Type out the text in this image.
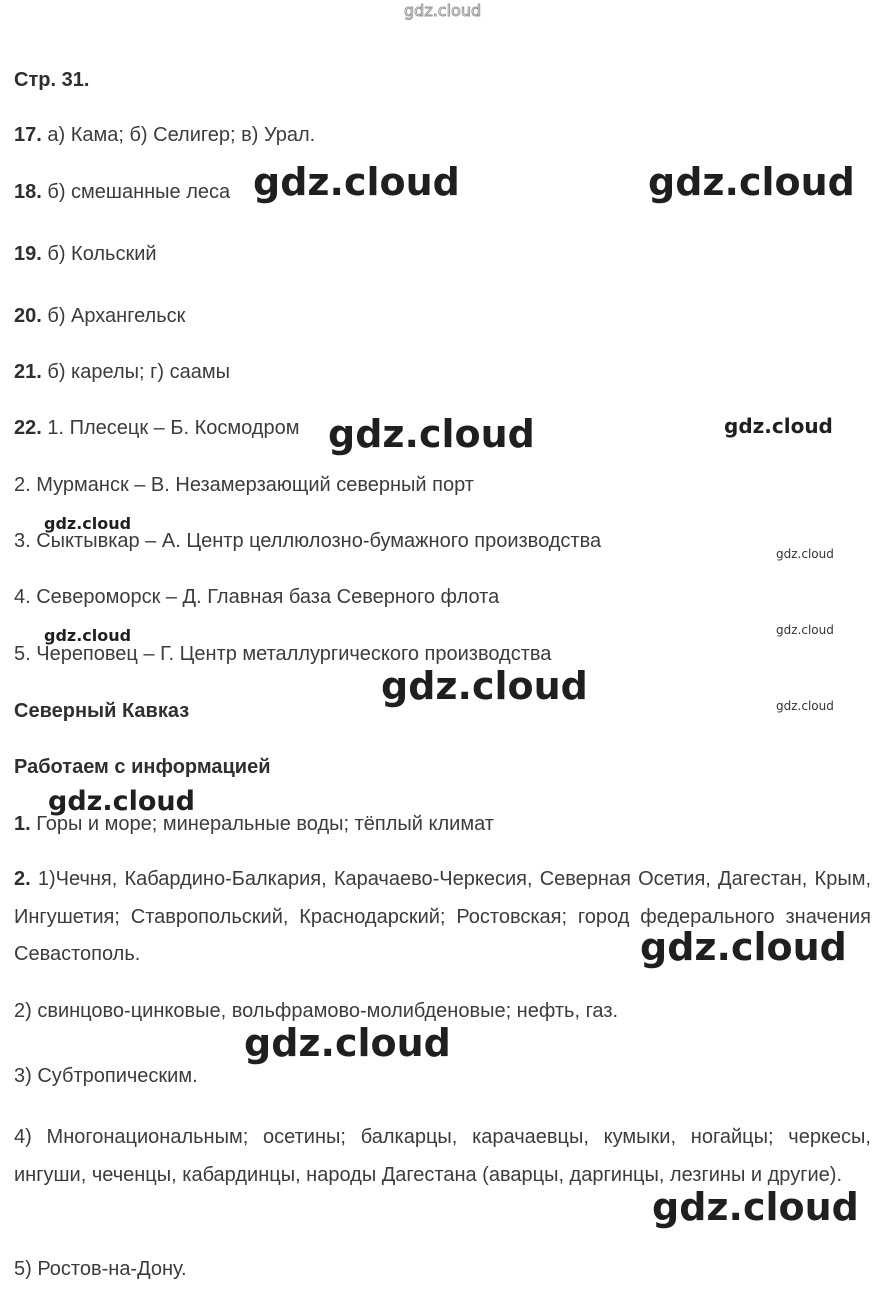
gdz.cloud
Стр. 31.
17. а) Кама; б) Селигер; в) Урал.
18. б) смешанные леса
19. б) Кольский
20. б) Архангельск
21. б) карелы; г) саамы
22. 1. Плесецк – Б. Космодром
2. Мурманск – В. Незамерзающий северный порт
3. Сыктывкар – А. Центр целлюлозно-бумажного производства
4. Североморск – Д. Главная база Северного флота
5. Череповец – Г. Центр металлургического производства
Северный Кавказ
Работаем с информацией
1. Горы и море; минеральные воды; тёплый климат
2. 1)Чечня, Кабардино-Балкария, Карачаево-Черкесия, Северная Осетия, Дагестан, Крым, Ингушетия; Ставропольский, Краснодарский; Ростовская; город федерального значения Севастополь.
2) свинцово-цинковые, вольфрамово-молибденовые; нефть, газ.
3) Субтропическим.
4) Многонациональным; осетины; балкарцы, карачаевцы, кумыки, ногайцы; черкесы, ингуши, чеченцы, кабардинцы, народы Дагестана (аварцы, даргинцы, лезгины и другие).
5) Ростов-на-Дону.
gdz.cloud	gdz.cloud
gdz.cloud	gdz.cloud
gdz.cloud
gdz.cloud
gdz.cloud
gdz.cloud
gdz.cloud	gdz.cloud
gdz.cloud
gdz.cloud
gdz.cloud
gdz.cloud
